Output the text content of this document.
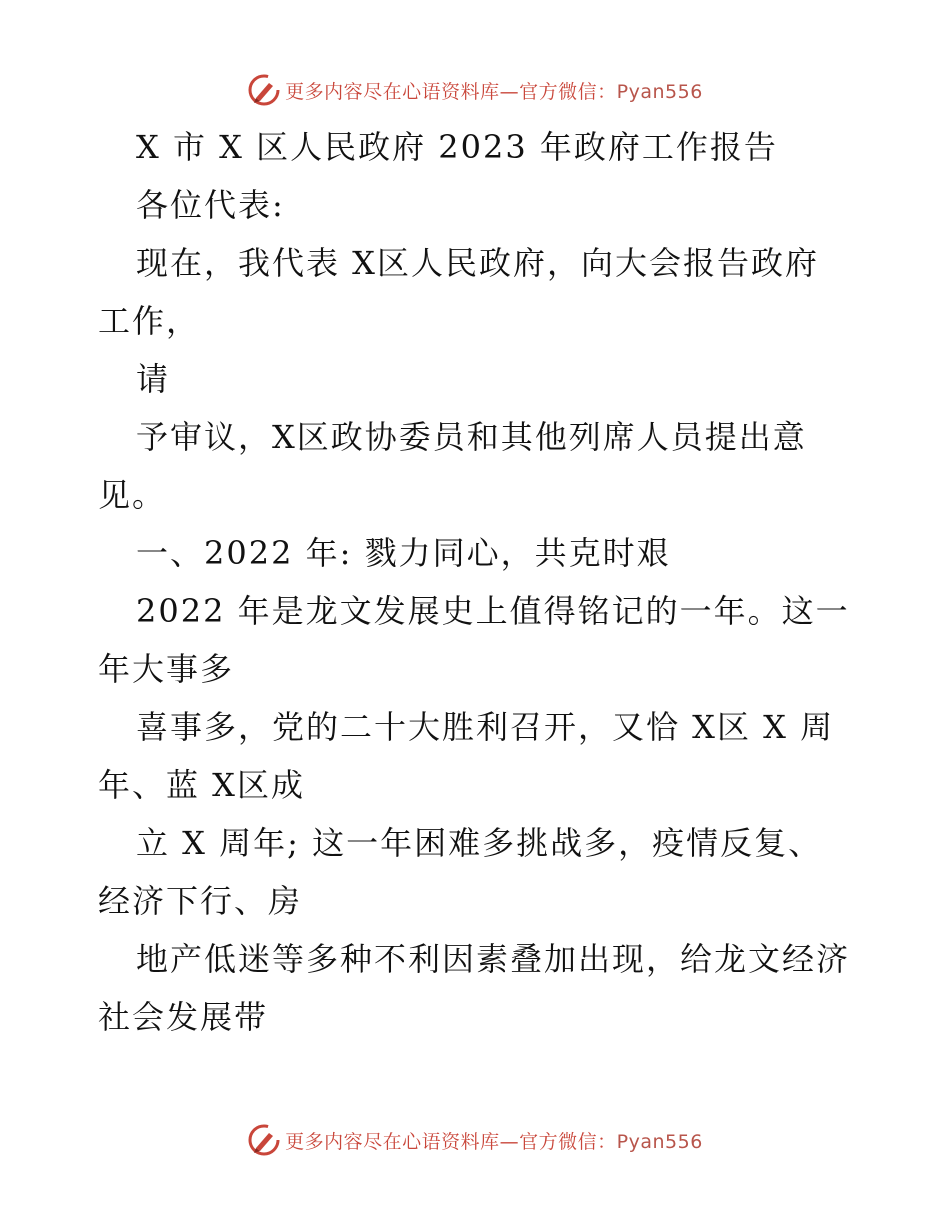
更多内容尽在心语资料库—官方微信：Pyan556
X 市 X 区人民政府 2023 年政府工作报告
各位代表:
现在，我代表 X区人民政府，向大会报告政府
工作，
请
予审议，X区政协委员和其他列席人员提出意
见。
一、2022 年: 戮力同心，共克时艰
2022 年是龙文发展史上值得铭记的一年。这一
年大事多
喜事多，党的二十大胜利召开，又恰 X区 X 周
年、蓝 X区成
立 X 周年; 这一年困难多挑战多，疫情反复、
经济下行、房
地产低迷等多种不利因素叠加出现，给龙文经济
社会发展带
更多内容尽在心语资料库—官方微信：Pyan556
